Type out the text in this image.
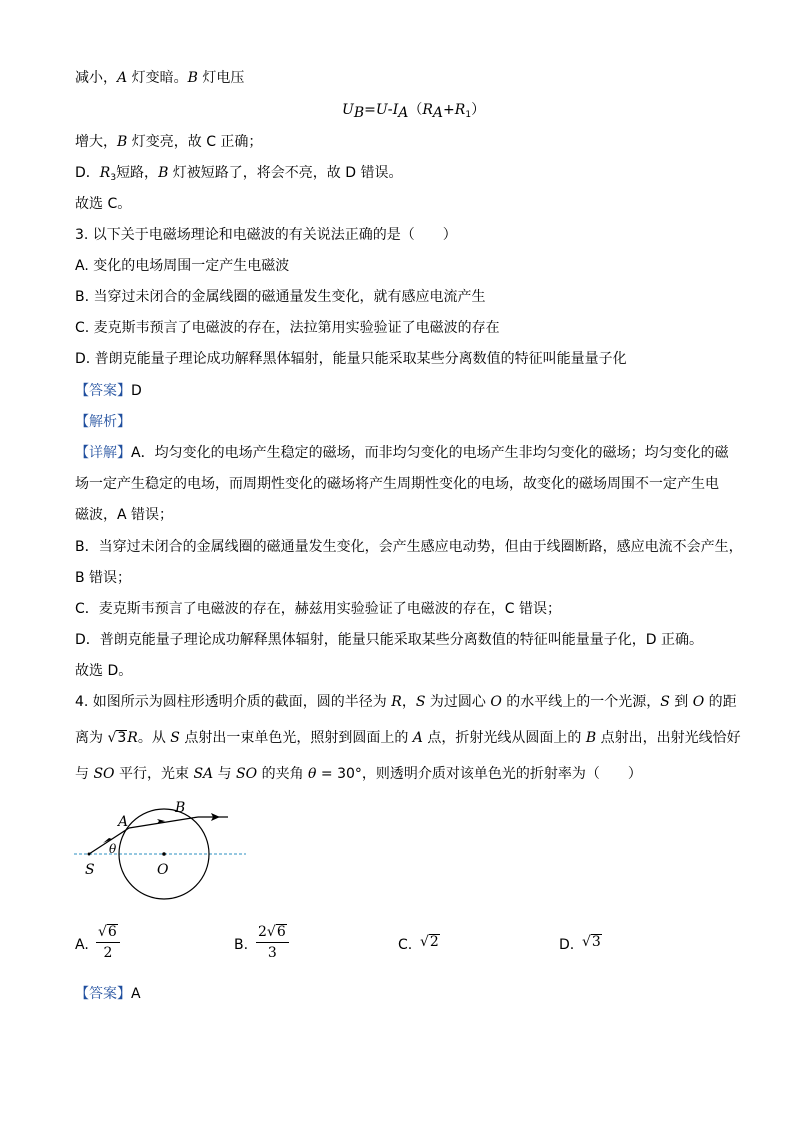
减小，A 灯变暗。B 灯电压
$U_B=U-I_A(R_A+R_1)$
增大，B 灯变亮，故 C 正确；
D．$R_3$短路，B 灯被短路了，将会不亮，故 D 错误。
故选 C。
3. 以下关于电磁场理论和电磁波的有关说法正确的是（　　）
A. 变化的电场周围一定产生电磁波
B. 当穿过未闭合的金属线圈的磁通量发生变化，就有感应电流产生
C. 麦克斯韦预言了电磁波的存在，法拉第用实验验证了电磁波的存在
D. 普朗克能量子理论成功解释黑体辐射，能量只能采取某些分离数值的特征叫能量量子化
【答案】D
【解析】
【详解】A．均匀变化的电场产生稳定的磁场，而非均匀变化的电场产生非均匀变化的磁场；均匀变化的磁
场一定产生稳定的电场，而周期性变化的磁场将产生周期性变化的电场，故变化的磁场周围不一定产生电
磁波，A 错误；
B．当穿过未闭合的金属线圈的磁通量发生变化，会产生感应电动势，但由于线圈断路，感应电流不会产生，
B 错误；
C．麦克斯韦预言了电磁波的存在，赫兹用实验验证了电磁波的存在，C 错误；
D．普朗克能量子理论成功解释黑体辐射，能量只能采取某些分离数值的特征叫能量量子化，D 正确。
故选 D。
4. 如图所示为圆柱形透明介质的截面，圆的半径为 R，S 为过圆心 O 的水平线上的一个光源，S 到 O 的距
离为 √3R。从 S 点射出一束单色光，照射到圆面上的 A 点，折射光线从圆面上的 B 点射出，出射光线恰好
与 SO 平行，光束 SA 与 SO 的夹角 θ = 30°，则透明介质对该单色光的折射率为（　　）
A
B
S	O
θ
A. $\frac{√6}{2}$	B. $\frac{2√6}{3}$	C. √2	D. √3
【答案】A
